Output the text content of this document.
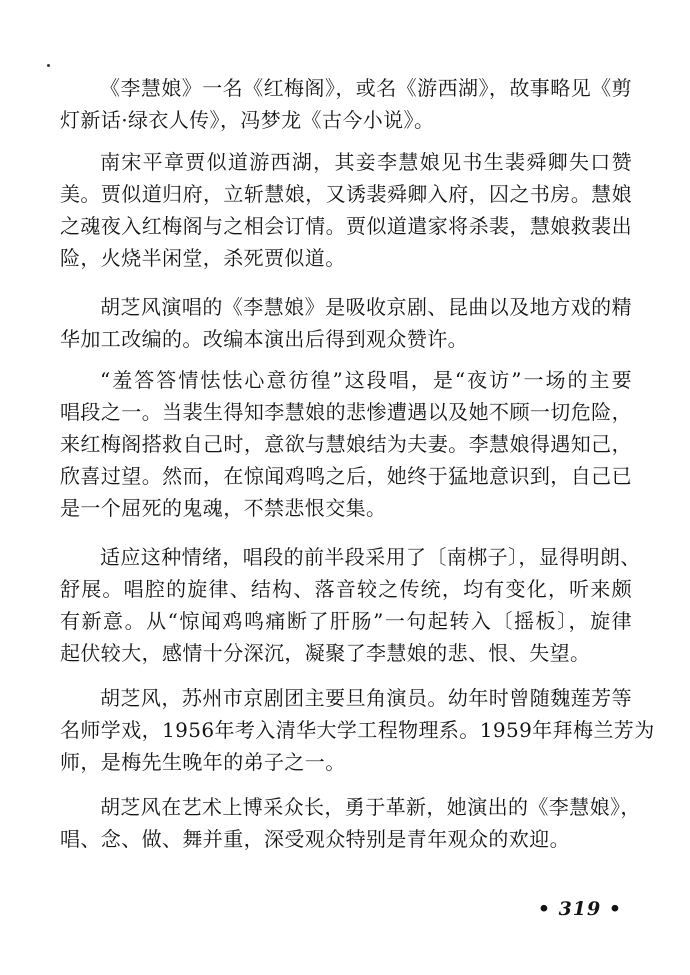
《李慧娘》一名《红梅阁》，或名《游西湖》，故事略见《剪
灯新话·绿衣人传》，冯梦龙《古今小说》。
南宋平章贾似道游西湖，其妾李慧娘见书生裴舜卿失口赞
美。贾似道归府，立斩慧娘，又诱裴舜卿入府，囚之书房。慧娘
之魂夜入红梅阁与之相会订情。贾似道遣家将杀裴，慧娘救裴出
险，火烧半闲堂，杀死贾似道。
胡芝风演唱的《李慧娘》是吸收京剧、昆曲以及地方戏的精
华加工改编的。改编本演出后得到观众赞许。
“羞答答情怯怯心意彷徨”这段唱，是“夜访”一场的主要
唱段之一。当裴生得知李慧娘的悲惨遭遇以及她不顾一切危险，
来红梅阁搭救自己时，意欲与慧娘结为夫妻。李慧娘得遇知己，
欣喜过望。然而，在惊闻鸡鸣之后，她终于猛地意识到，自己已
是一个屈死的鬼魂，不禁悲恨交集。
适应这种情绪，唱段的前半段采用了〔南梆子〕，显得明朗、
舒展。唱腔的旋律、结构、落音较之传统，均有变化，听来颇
有新意。从“惊闻鸡鸣痛断了肝肠”一句起转入〔摇板〕，旋律
起伏较大，感情十分深沉，凝聚了李慧娘的悲、恨、失望。
胡芝风，苏州市京剧团主要旦角演员。幼年时曾随魏莲芳等
名师学戏，1956年考入清华大学工程物理系。1959年拜梅兰芳为
师，是梅先生晚年的弟子之一。
胡芝风在艺术上博采众长，勇于革新，她演出的《李慧娘》，
唱、念、做、舞并重，深受观众特别是青年观众的欢迎。
• 319 •
